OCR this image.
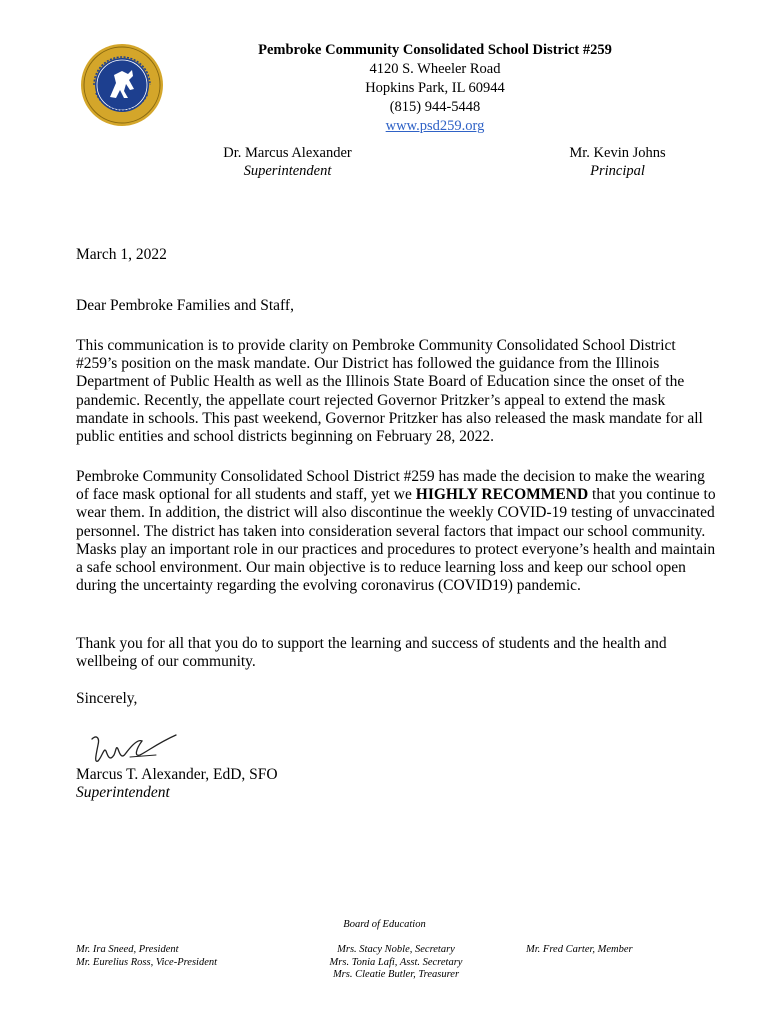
Pembroke Community Consolidated School District #259
4120 S. Wheeler Road
Hopkins Park, IL 60944
(815) 944-5448
www.psd259.org
Dr. Marcus Alexander
Superintendent
Mr. Kevin Johns
Principal
March 1, 2022
Dear Pembroke Families and Staff,
This communication is to provide clarity on Pembroke Community Consolidated School District #259’s position on the mask mandate. Our District has followed the guidance from the Illinois Department of Public Health as well as the Illinois State Board of Education since the onset of the pandemic. Recently, the appellate court rejected Governor Pritzker’s appeal to extend the mask mandate in schools. This past weekend, Governor Pritzker has also released the mask mandate for all public entities and school districts beginning on February 28, 2022.
Pembroke Community Consolidated School District #259 has made the decision to make the wearing of face mask optional for all students and staff, yet we HIGHLY RECOMMEND that you continue to wear them. In addition, the district will also discontinue the weekly COVID-19 testing of unvaccinated personnel. The district has taken into consideration several factors that impact our school community. Masks play an important role in our practices and procedures to protect everyone’s health and maintain a safe school environment. Our main objective is to reduce learning loss and keep our school open during the uncertainty regarding the evolving coronavirus (COVID19) pandemic.
Thank you for all that you do to support the learning and success of students and the health and wellbeing of our community.
Sincerely,
Marcus T. Alexander, EdD, SFO
Superintendent
Board of Education
Mr. Ira Sneed, President
Mr. Eurelius Ross, Vice-President
Mrs. Stacy Noble, Secretary
Mrs. Tonia Lafi, Asst. Secretary
Mrs. Cleatie Butler, Treasurer
Mr. Fred Carter, Member
